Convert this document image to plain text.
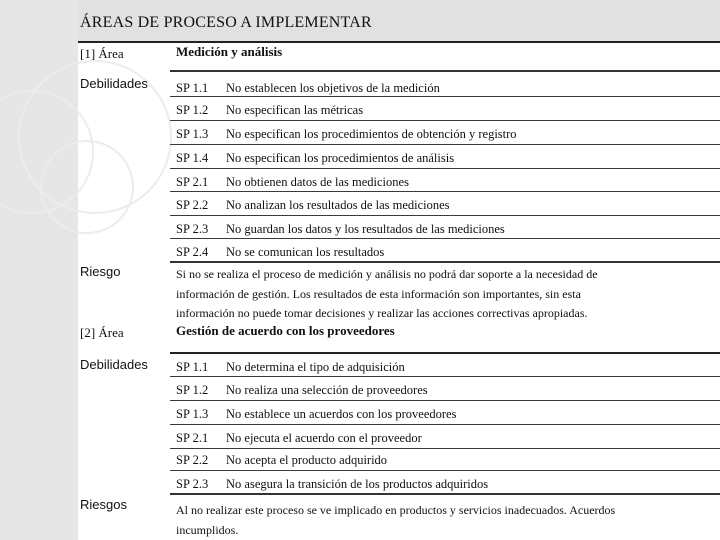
ÁREAS DE PROCESO A IMPLEMENTAR
[1] Área	Medición y análisis
Debilidades SP 1.1 No establecen los objetivos de la medición
SP 1.2 No especifican las métricas
SP 1.3 No especifican los procedimientos de obtención y registro
SP 1.4 No especifican los procedimientos de análisis
SP 2.1 No obtienen datos de las mediciones
SP 2.2 No analizan los resultados de las mediciones
SP 2.3 No guardan los datos y los resultados de las mediciones
SP 2.4 No se comunican los resultados
Riesgo	Si no se realiza el proceso de medición y análisis no podrá dar soporte a la necesidad de
información de gestión. Los resultados de esta información son importantes, sin esta
información no puede tomar decisiones y realizar las acciones correctivas apropiadas.
[2] Área	Gestión de acuerdo con los proveedores
Debilidades SP 1.1 No determina el tipo de adquisición
SP 1.2 No realiza una selección de proveedores
SP 1.3 No establece un acuerdos con los proveedores
SP 2.1 No ejecuta el acuerdo con el proveedor
SP 2.2 No acepta el producto adquirido
SP 2.3 No asegura la transición de los productos adquiridos
Riesgos	Al no realizar este proceso se ve implicado en productos y servicios inadecuados. Acuerdos
incumplidos.
